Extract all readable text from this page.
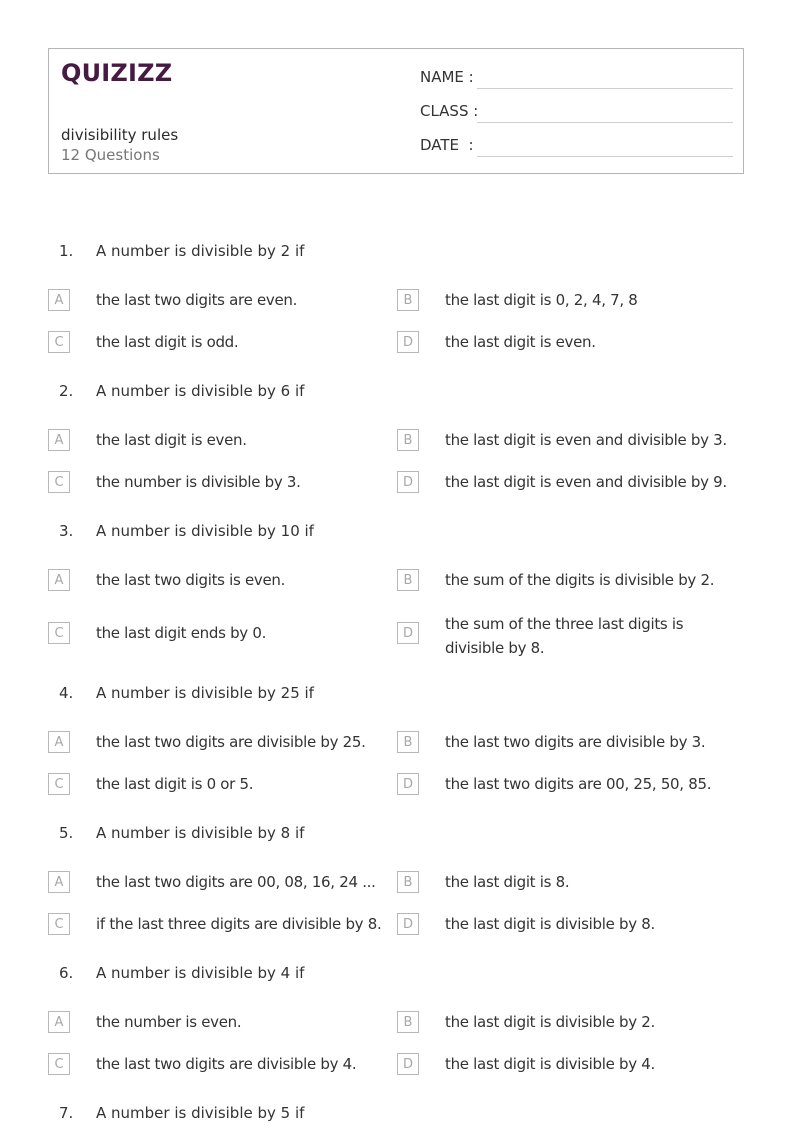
QUIZIZZ
divisibility rules
12 Questions
NAME :
CLASS :
DATE  :
1. A number is divisible by 2 if
A	the last two digits are even.	B	the last digit is 0, 2, 4, 7, 8
C	the last digit is odd.	D	the last digit is even.
2. A number is divisible by 6 if
A	the last digit is even.	B	the last digit is even and divisible by 3.
C	the number is divisible by 3.	D	the last digit is even and divisible by 9.
3. A number is divisible by 10 if
A	the last two digits is even.	B	the sum of the digits is divisible by 2.
C	the last digit ends by 0.	D
the sum of the three last digits is divisible by 8.
4. A number is divisible by 25 if
A	the last two digits are divisible by 25.	B	the last two digits are divisible by 3.
C	the last digit is 0 or 5.	D	the last two digits are 00, 25, 50, 85.
5. A number is divisible by 8 if
A	the last two digits are 00, 08, 16, 24 ...	B	the last digit is 8.
C	if the last three digits are divisible by 8.	D	the last digit is divisible by 8.
6. A number is divisible by 4 if
A	the number is even.	B	the last digit is divisible by 2.
C	the last two digits are divisible by 4.	D	the last digit is divisible by 4.
7. A number is divisible by 5 if
